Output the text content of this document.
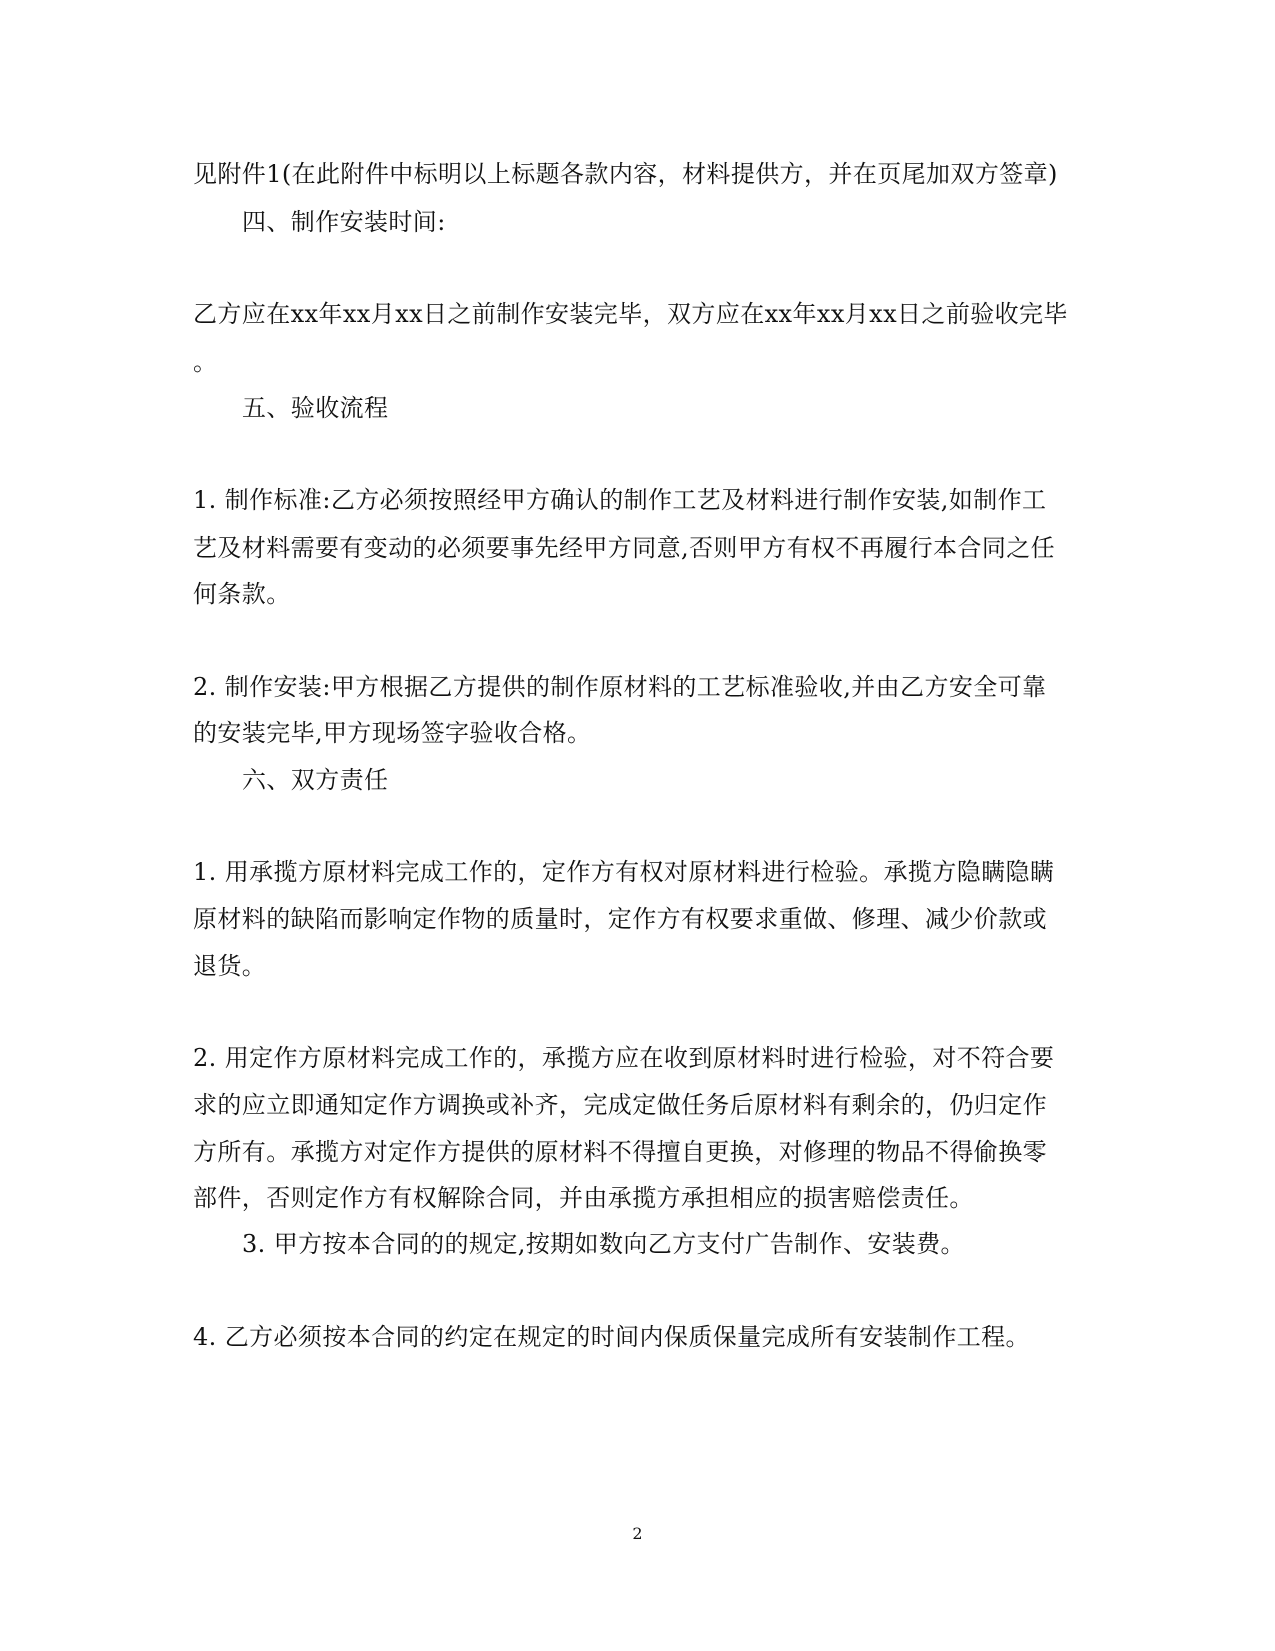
见附件1(在此附件中标明以上标题各款内容，材料提供方，并在页尾加双方签章)
四、制作安装时间:
乙方应在xx年xx月xx日之前制作安装完毕，双方应在xx年xx月xx日之前验收完毕
。
五、验收流程
1. 制作标准:乙方必须按照经甲方确认的制作工艺及材料进行制作安装,如制作工
艺及材料需要有变动的必须要事先经甲方同意,否则甲方有权不再履行本合同之任
何条款。
2. 制作安装:甲方根据乙方提供的制作原材料的工艺标准验收,并由乙方安全可靠
的安装完毕,甲方现场签字验收合格。
六、双方责任
1. 用承揽方原材料完成工作的，定作方有权对原材料进行检验。承揽方隐瞒隐瞒
原材料的缺陷而影响定作物的质量时，定作方有权要求重做、修理、减少价款或
退货。
2. 用定作方原材料完成工作的，承揽方应在收到原材料时进行检验，对不符合要
求的应立即通知定作方调换或补齐，完成定做任务后原材料有剩余的，仍归定作
方所有。承揽方对定作方提供的原材料不得擅自更换，对修理的物品不得偷换零
部件，否则定作方有权解除合同，并由承揽方承担相应的损害赔偿责任。
3. 甲方按本合同的的规定,按期如数向乙方支付广告制作、安装费。
4. 乙方必须按本合同的约定在规定的时间内保质保量完成所有安装制作工程。
2
